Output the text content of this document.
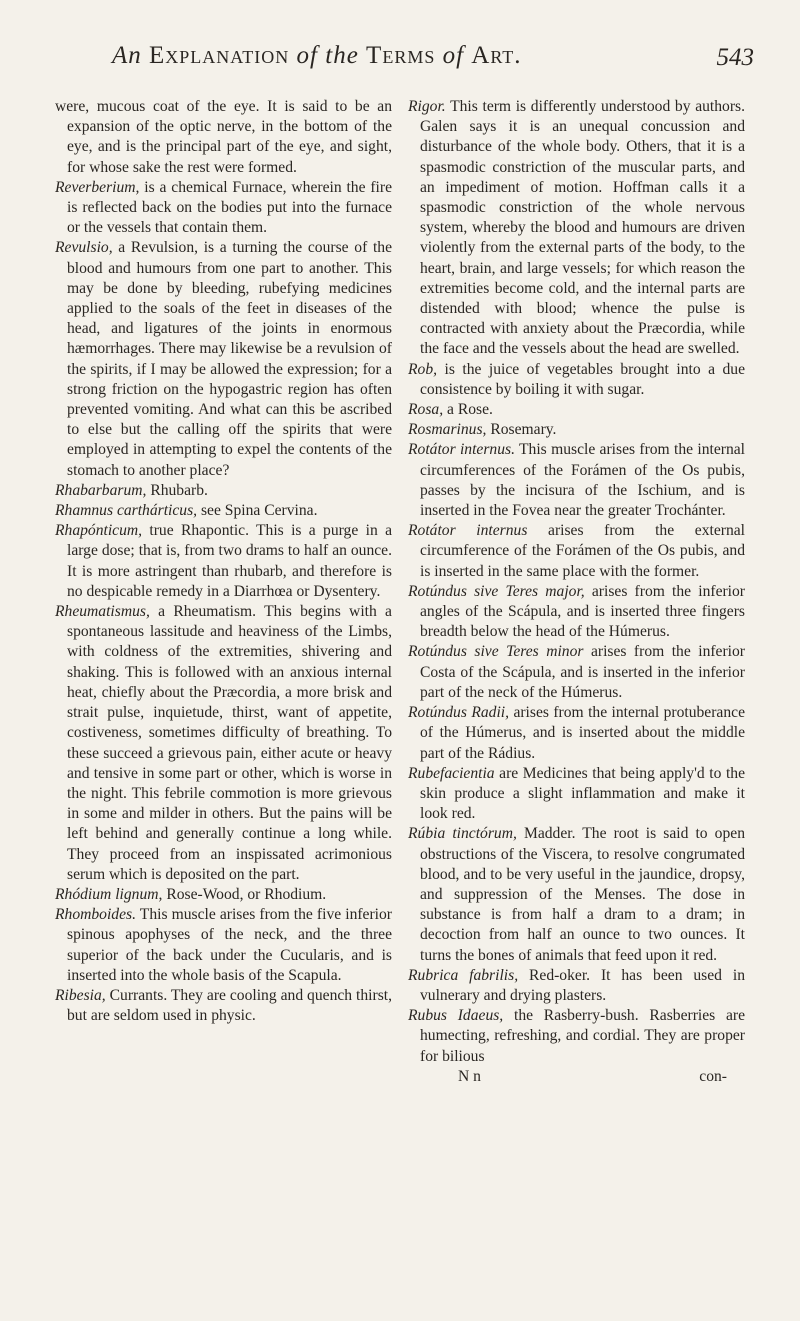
An Explanation of the Terms of Art.	543

were, mucous coat of the eye. It is said to be an expansion of the optic nerve, in the bottom of the eye, and is the principal part of the eye, and sight, for whose sake the rest were formed.

Reverberium, is a chemical Furnace, wherein the fire is reflected back on the bodies put into the furnace or the vessels that contain them.

Revulsio, a Revulsion, is a turning the course of the blood and humours from one part to another. This may be done by bleeding, rubefying medicines applied to the soals of the feet in diseases of the head, and ligatures of the joints in enormous hæmorrhages. There may likewise be a revulsion of the spirits, if I may be allowed the expression; for a strong friction on the hypogastric region has often prevented vomiting. And what can this be ascribed to else but the calling off the spirits that were employed in attempting to expel the contents of the stomach to another place?

Rhabarbarum, Rhubarb.

Rhamnus carthárticus, see Spina Cervina.

Rhapónticum, true Rhapontic. This is a purge in a large dose; that is, from two drams to half an ounce. It is more astringent than rhubarb, and therefore is no despicable remedy in a Diarrhœa or Dysentery.

Rheumatismus, a Rheumatism. This begins with a spontaneous lassitude and heaviness of the Limbs, with coldness of the extremities, shivering and shaking. This is followed with an anxious internal heat, chiefly about the Præcordia, a more brisk and strait pulse, inquietude, thirst, want of appetite, costiveness, sometimes difficulty of breathing. To these succeed a grievous pain, either acute or heavy and tensive in some part or other, which is worse in the night. This febrile commotion is more grievous in some and milder in others. But the pains will be left behind and generally continue a long while. They proceed from an inspissated acrimonious serum which is deposited on the part.

Rhódium lignum, Rose-Wood, or Rhodium.

Rhomboides. This muscle arises from the five inferior spinous apophyses of the neck, and the three superior of the back under the Cucularis, and is inserted into the whole basis of the Scapula.

Ribesia, Currants. They are cooling and quench thirst, but are seldom used in physic.

Rigor. This term is differently understood by authors. Galen says it is an unequal concussion and disturbance of the whole body. Others, that it is a spasmodic constriction of the muscular parts, and an impediment of motion. Hoffman calls it a spasmodic constriction of the whole nervous system, whereby the blood and humours are driven violently from the external parts of the body, to the heart, brain, and large vessels; for which reason the extremities become cold, and the internal parts are distended with blood; whence the pulse is contracted with anxiety about the Præcordia, while the face and the vessels about the head are swelled.

Rob, is the juice of vegetables brought into a due consistence by boiling it with sugar.

Rosa, a Rose.

Rosmarinus, Rosemary.

Rotátor internus. This muscle arises from the internal circumferences of the Forámen of the Os pubis, passes by the incisura of the Ischium, and is inserted in the Fovea near the greater Trochánter.

Rotátor internus arises from the external circumference of the Forámen of the Os pubis, and is inserted in the same place with the former.

Rotúndus sive Teres major, arises from the inferior angles of the Scápula, and is inserted three fingers breadth below the head of the Húmerus.

Rotúndus sive Teres minor arises from the inferior Costa of the Scápula, and is inserted in the inferior part of the neck of the Húmerus.

Rotúndus Radii, arises from the internal protuberance of the Húmerus, and is inserted about the middle part of the Rádius.

Rubefacientia are Medicines that being apply'd to the skin produce a slight inflammation and make it look red.

Rúbia tinctórum, Madder. The root is said to open obstructions of the Viscera, to resolve congrumated blood, and to be very useful in the jaundice, dropsy, and suppression of the Menses. The dose in substance is from half a dram to a dram; in decoction from half an ounce to two ounces. It turns the bones of animals that feed upon it red.

Rubrica fabrilis, Red-oker. It has been used in vulnerary and drying plasters.

Rubus Idaeus, the Rasberry-bush. Rasberries are humecting, refreshing, and cordial. They are proper for bilious

N n	con-
